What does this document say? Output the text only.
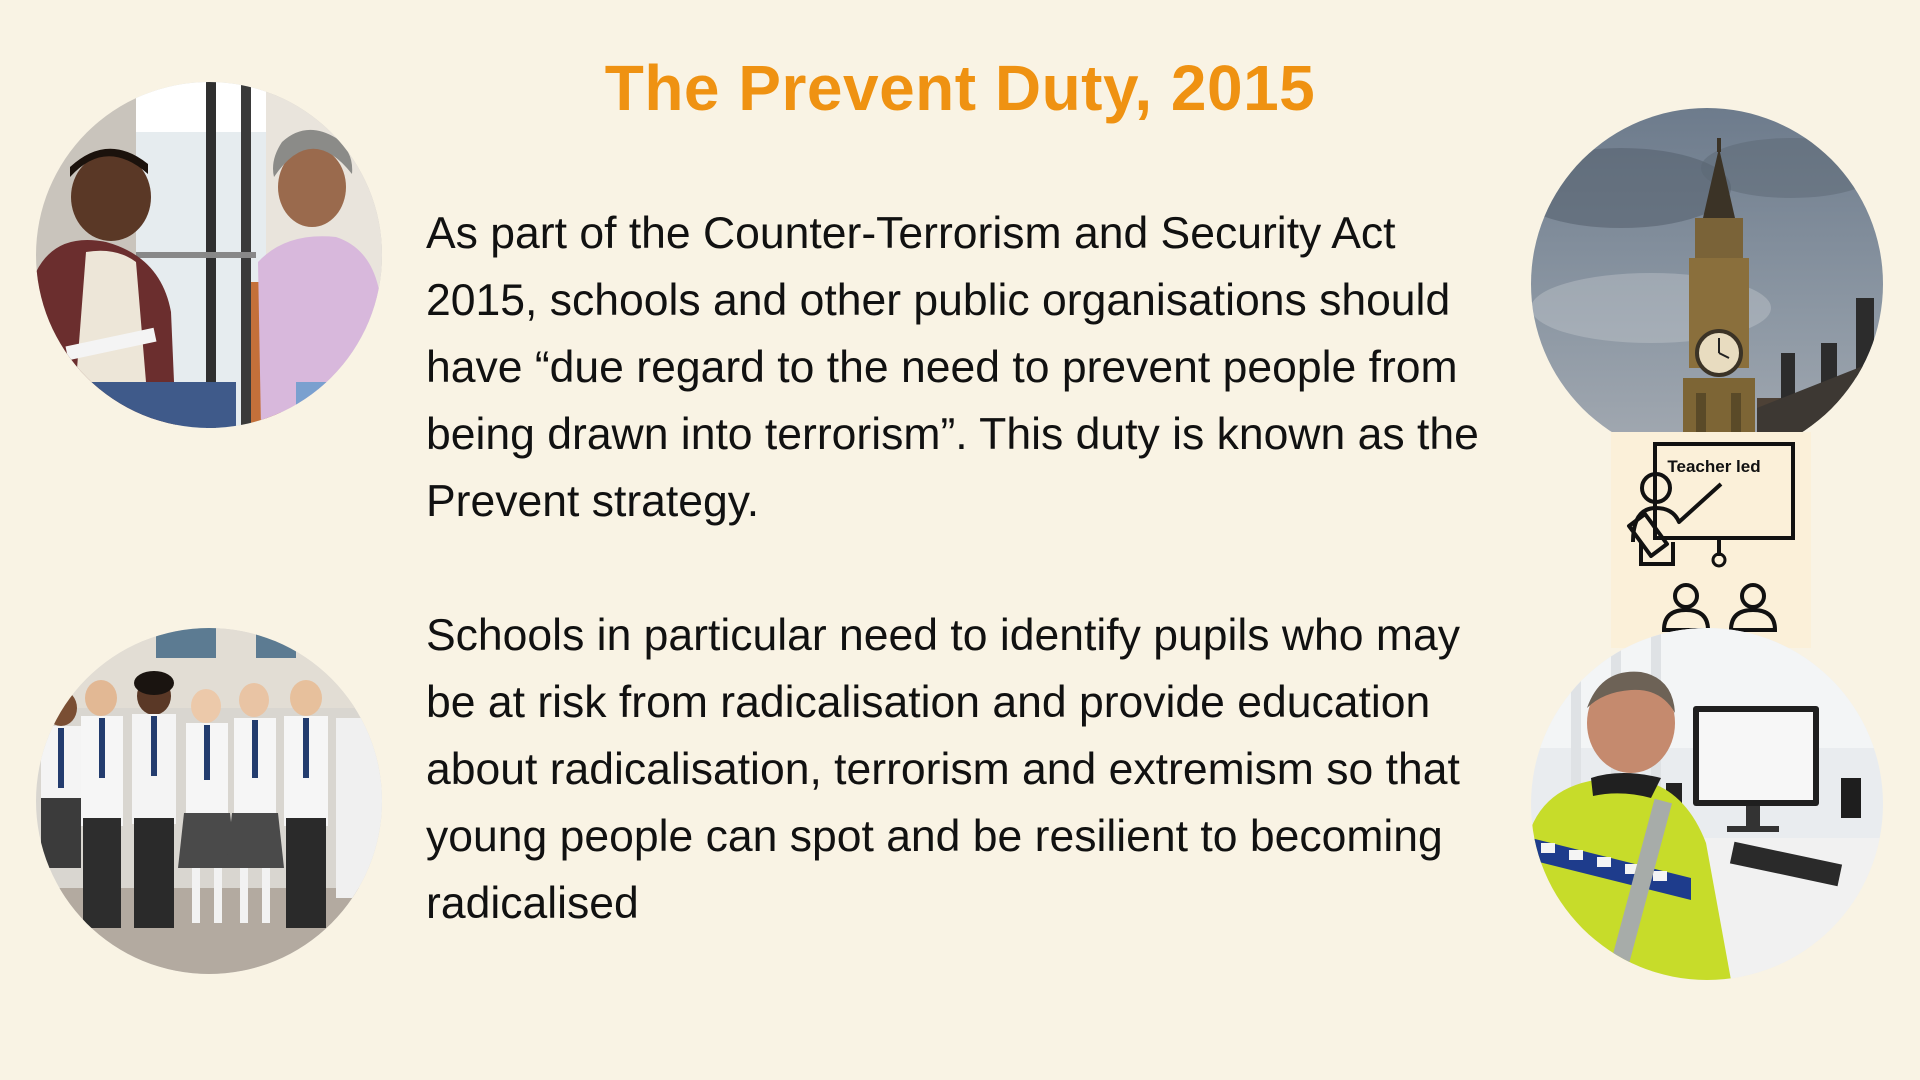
The Prevent Duty, 2015

As part of the Counter-Terrorism and Security Act 2015, schools and other public organisations should have “due regard to the need to prevent people from being drawn into terrorism”. This duty is known as the Prevent strategy.

Schools in particular need to identify pupils who may be at risk from radicalisation and provide education about radicalisation, terrorism and extremism so that young people can spot and be resilient to becoming radicalised

Teacher led
